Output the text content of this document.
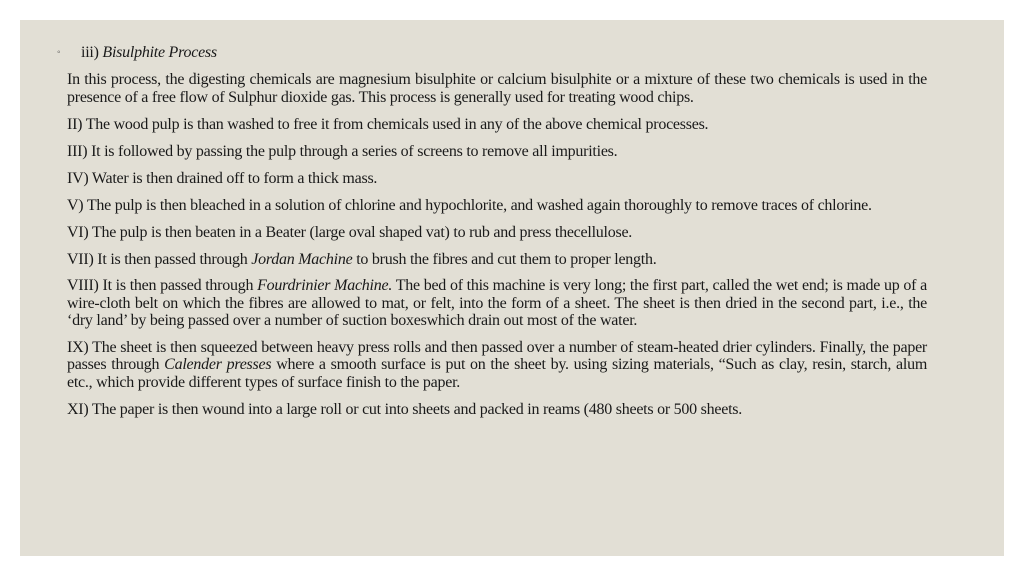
◦ iii) Bisulphite Process

In this process, the digesting chemicals are magnesium bisulphite or calcium bisulphite or a mixture of these two chemicals is used in the presence of a free flow of Sulphur dioxide gas. This process is generally used for treating wood chips.

II) The wood pulp is than washed to free it from chemicals used in any of the above chemical processes.

III) It is followed by passing the pulp through a series of screens to remove all impurities.

IV) Water is then drained off to form a thick mass.

V) The pulp is then bleached in a solution of chlorine and hypochlorite, and washed again thoroughly to remove traces of chlorine.

VI) The pulp is then beaten in a Beater (large oval shaped vat) to rub and press thecellulose.

VII) It is then passed through Jordan Machine to brush the fibres and cut them to proper length.

VIII) It is then passed through Fourdrinier Machine. The bed of this machine is very long; the first part, called the wet end; is made up of a wire-cloth belt on which the fibres are allowed to mat, or felt, into the form of a sheet. The sheet is then dried in the second part, i.e., the ‘dry land’ by being passed over a number of suction boxeswhich drain out most of the water.

IX) The sheet is then squeezed between heavy press rolls and then passed over a number of steam-heated drier cylinders. Finally, the paper passes through Calender presses where a smooth surface is put on the sheet by. using sizing materials, “Such as clay, resin, starch, alum etc., which provide different types of surface finish to the paper.

XI) The paper is then wound into a large roll or cut into sheets and packed in reams (480 sheets or 500 sheets.
